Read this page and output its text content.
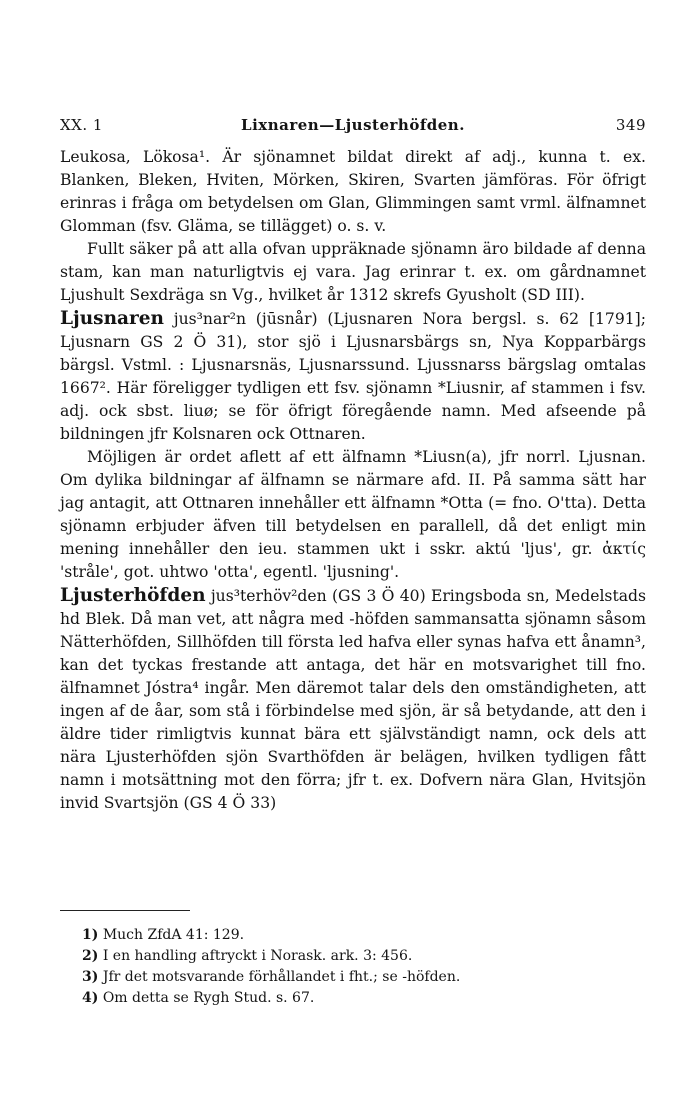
XX. 1	Lixnaren—Ljusterhöfden.	349

Leukosa, Lökosa¹. Är sjönamnet bildat direkt af adj., kunna t. ex. Blanken, Bleken, Hviten, Mörken, Skiren, Svarten jämföras. För öfrigt erinras i fråga om betydelsen om Glan, Glimmingen samt vrml. älfnamnet Glomman (fsv. Gläma, se tillägget) o. s. v.

Fullt säker på att alla ofvan uppräknade sjönamn äro bildade af denna stam, kan man naturligtvis ej vara. Jag erinrar t. ex. om gårdnamnet Ljushult Sexdräga sn Vg., hvilket år 1312 skrefs Gyusholt (SD III).

Ljusnaren jus³nar²n (jūsnår) (Ljusnaren Nora bergsl. s. 62 [1791]; Ljusnarn GS 2 Ö 31), stor sjö i Ljusnarsbärgs sn, Nya Kopparbärgs bärgsl. Vstml. : Ljusnarsnäs, Ljusnarssund. Ljussnarss bärgslag omtalas 1667². Här föreligger tydligen ett fsv. sjönamn *Liusnir, af stammen i fsv. adj. ock sbst. liuø; se för öfrigt föregående namn. Med afseende på bildningen jfr Kolsnaren ock Ottnaren.

Möjligen är ordet aflett af ett älfnamn *Liusn(a), jfr norrl. Ljusnan. Om dylika bildningar af älfnamn se närmare afd. II. På samma sätt har jag antagit, att Ottnaren innehåller ett älfnamn *Otta (= fno. O'tta). Detta sjönamn erbjuder äfven till betydelsen en parallell, då det enligt min mening innehåller den ieu. stammen ukt i sskr. aktú 'ljus', gr. ἀκτίς 'stråle', got. uhtwo 'otta', egentl. 'ljusning'.

Ljusterhöfden jus³terhöv²den (GS 3 Ö 40) Eringsboda sn, Medelstads hd Blek. Då man vet, att några med -höfden sammansatta sjönamn såsom Nätterhöfden, Sillhöfden till första led hafva eller synas hafva ett ånamn³, kan det tyckas frestande att antaga, det här en motsvarighet till fno. älfnamnet Jóstra⁴ ingår. Men däremot talar dels den omständigheten, att ingen af de åar, som stå i förbindelse med sjön, är så betydande, att den i äldre tider rimligtvis kunnat bära ett självständigt namn, ock dels att nära Ljusterhöfden sjön Svarthöfden är belägen, hvilken tydligen fått namn i motsättning mot den förra; jfr t. ex. Dofvern nära Glan, Hvitsjön invid Svartsjön (GS 4 Ö 33)

1) Much ZfdA 41: 129.
2) I en handling aftryckt i Norask. ark. 3: 456.
3) Jfr det motsvarande förhållandet i fht.; se -höfden.
4) Om detta se Rygh Stud. s. 67.
